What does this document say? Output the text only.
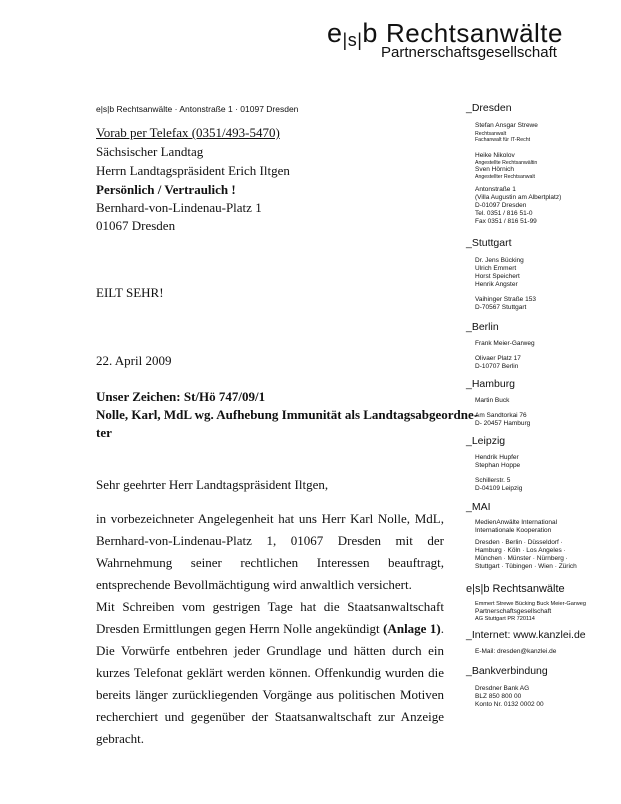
$e_{|s|}b$ Rechtsanwälte
Partnerschaftsgesellschaft
e|s|b Rechtsanwälte · Antonstraße 1 · 01097 Dresden
Vorab per Telefax (0351/493-5470)
Sächsischer Landtag
Herrn Landtagspräsident Erich Iltgen
Persönlich / Vertraulich !
Bernhard-von-Lindenau-Platz 1
01067 Dresden
EILT SEHR!
22. April 2009
Unser Zeichen: St/Hö 747/09/1
Nolle, Karl, MdL wg. Aufhebung Immunität als Landtagsabgeordne-
ter
Sehr geehrter Herr Landtagspräsident Iltgen,

in vorbezeichneter Angelegenheit hat uns Herr Karl Nolle, MdL, Bernhard-von-Lindenau-Platz 1, 01067 Dresden mit der Wahrnehmung seiner rechtlichen Interessen beauftragt, entsprechende Bevollmächtigung wird anwaltlich versichert.

Mit Schreiben vom gestrigen Tage hat die Staatsanwaltschaft Dresden Ermittlungen gegen Herrn Nolle angekündigt (Anlage 1). Die Vorwürfe entbehren jeder Grundlage und hätten durch ein kurzes Telefonat geklärt werden können. Offenkundig wurden die bereits länger zurückliegenden Vorgänge aus politischen Motiven recherchiert und gegenüber der Staatsanwaltschaft zur Anzeige gebracht.

_Dresden
Stefan Ansgar Strewe
Rechtsanwalt
Fachanwalt für IT-Recht
Heike Nikolov
Angestellte Rechtsanwältin
Sven Hörnich
Angestellter Rechtsanwalt
Antonstraße 1
(Villa Augustin am Albertplatz)
D-01097 Dresden
Tel. 0351 / 816 51-0
Fax 0351 / 816 51-99
_Stuttgart
Dr. Jens Bücking
Ulrich Emmert
Horst Speichert
Henrik Angster
Vaihinger Straße 153
D-70567 Stuttgart
_Berlin
Frank Meier-Garweg
Olivaer Platz 17
D-10707 Berlin
_Hamburg
Martin Buck
Am Sandtorkai 76
D- 20457 Hamburg
_Leipzig
Hendrik Hupfer
Stephan Hoppe
Schillerstr. 5
D-04109 Leipzig
_MAI
MedienAnwälte International
Internationale Kooperation
Dresden · Berlin · Düsseldorf ·
Hamburg · Köln · Los Angeles ·
München · Münster · Nürnberg ·
Stuttgart · Tübingen · Wien · Zürich
e|s|b Rechtsanwälte
Emmert Strewe Bücking Buck Meier-Garweg
Partnerschaftsgesellschaft
AG Stuttgart PR 720114
_Internet: www.kanzlei.de
E-Mail: dresden@kanzlei.de
_Bankverbindung
Dresdner Bank AG
BLZ 850 800 00
Konto Nr. 0132 0002 00
